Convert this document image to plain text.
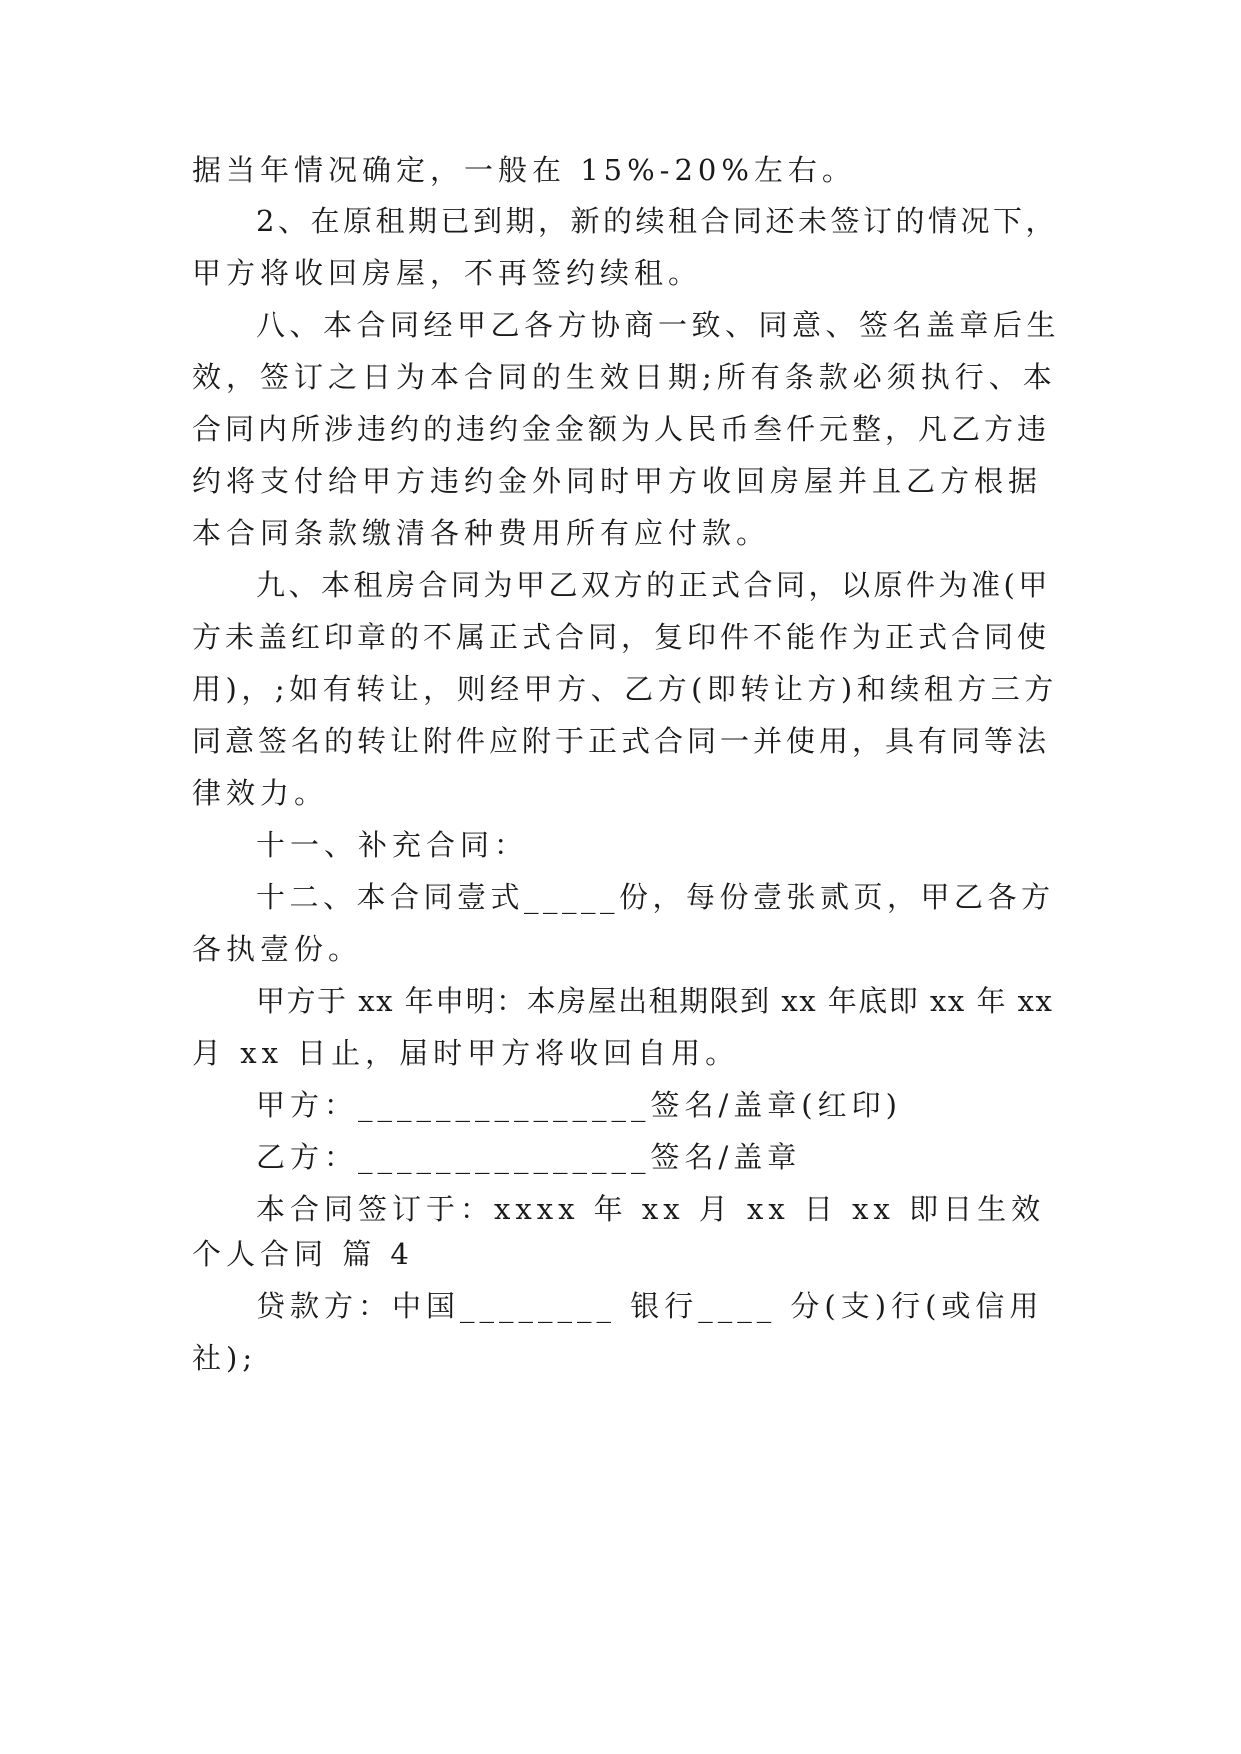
据当年情况确定，一般在 15%-20%左右。
2、在原租期已到期，新的续租合同还未签订的情况下，
甲方将收回房屋，不再签约续租。
八、本合同经甲乙各方协商一致、同意、签名盖章后生
效，签订之日为本合同的生效日期;所有条款必须执行、本
合同内所涉违约的违约金金额为人民币叁仟元整，凡乙方违
约将支付给甲方违约金外同时甲方收回房屋并且乙方根据
本合同条款缴清各种费用所有应付款。
九、本租房合同为甲乙双方的正式合同，以原件为准(甲
方未盖红印章的不属正式合同，复印件不能作为正式合同使
用)，;如有转让，则经甲方、乙方(即转让方)和续租方三方
同意签名的转让附件应附于正式合同一并使用，具有同等法
律效力。
十一、补充合同：
十二、本合同壹式_____份，每份壹张贰页，甲乙各方
各执壹份。
甲方于 xx 年申明：本房屋出租期限到 xx 年底即 xx 年 xx
月 xx 日止，届时甲方将收回自用。
甲方：_______________签名/盖章(红印)
乙方：_______________签名/盖章
本合同签订于：xxxx 年 xx 月 xx 日 xx 即日生效
个人合同 篇 4
贷款方：中国________ 银行____ 分(支)行(或信用
社);
